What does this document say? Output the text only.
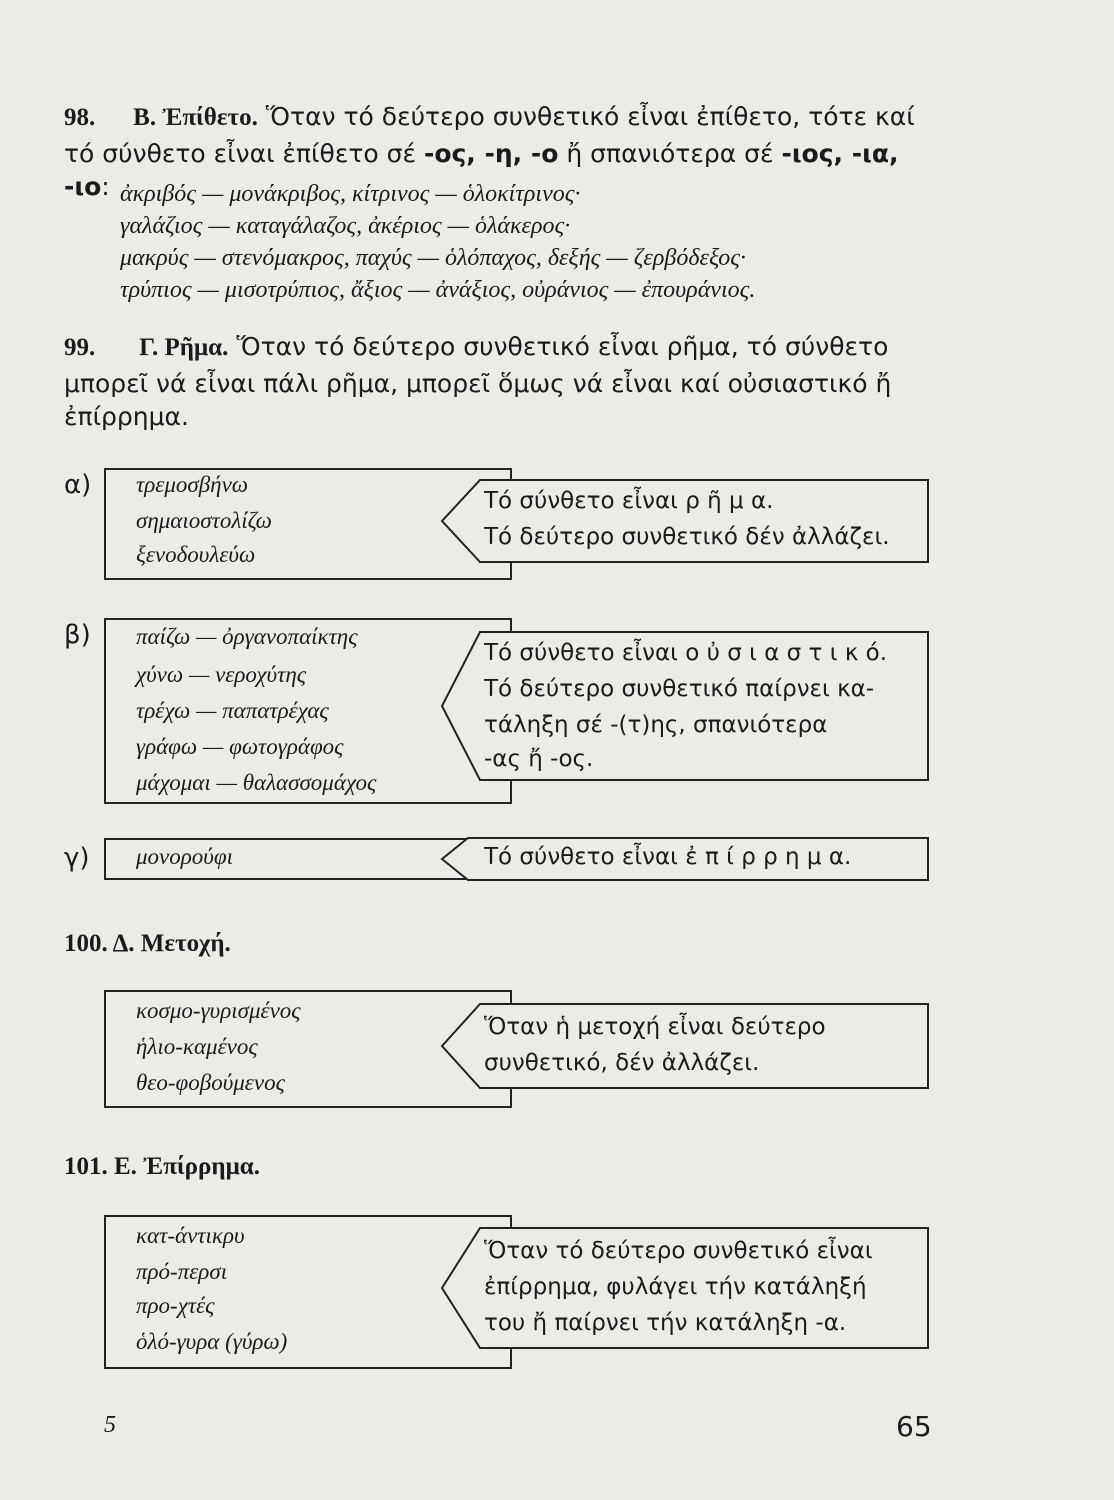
98. Β. Ἐπίθετο. Ὅταν τό δεύτερο συνθετικό εἶναι ἐπίθετο, τότε καί
τό σύνθετο εἶναι ἐπίθετο σέ -ος, -η, -ο ἤ σπανιότερα σέ -ιος, -ια, -ιο: ἀκριβός — μονάκριβος, κίτρινος — ὁλοκίτρινος·
γαλάζιος — καταγάλαζος, ἀκέριος — ὁλάκερος·
μακρύς — στενόμακρος, παχύς — ὁλόπαχος, δεξής — ζερβόδεξος·
τρύπιος — μισοτρύπιος, ἄξιος — ἀνάξιος, οὐράνιος — ἐπουράνιος.
99. Γ. Ρῆμα. Ὅταν τό δεύτερο συνθετικό εἶναι ρῆμα, τό σύνθετο
μπορεῖ νά εἶναι πάλι ρῆμα, μπορεῖ ὅμως νά εἶναι καί οὐσιαστικό ἤ
ἐπίρρημα.
α) τρεμοσβήνω
σημαιοστολίζω
ξενοδουλεύω
Τό σύνθετο εἶναι ρ ῆ μ α.
Τό δεύτερο συνθετικό δέν ἀλλάζει.
β) παίζω — ὀργανοπαίκτης
χύνω — νεροχύτης
τρέχω — παπατρέχας
γράφω — φωτογράφος
μάχομαι — θαλασσομάχος
Τό σύνθετο εἶναι ο ὐ σ ι α σ τ ι κ ό.
Τό δεύτερο συνθετικό παίρνει κα-
τάληξη σέ -(τ)ης, σπανιότερα
-ας ἤ -ος.
γ) μονορούφι	Τό σύνθετο εἶναι ἐ π ί ρ ρ η μ α.
100. Δ. Μετοχή.
κοσμο-γυρισμένος
ἡλιο-καμένος
θεο-φοβούμενος
Ὅταν ἡ μετοχή εἶναι δεύτερο
συνθετικό, δέν ἀλλάζει.
101. Ε. Ἐπίρρημα.
κατ-άντικρυ
πρό-περσι
προ-χτές
ὁλό-γυρα (γύρω)
Ὅταν τό δεύτερο συνθετικό εἶναι
ἐπίρρημα, φυλάγει τήν κατάληξή
του ἤ παίρνει τήν κατάληξη -α.
5	65
